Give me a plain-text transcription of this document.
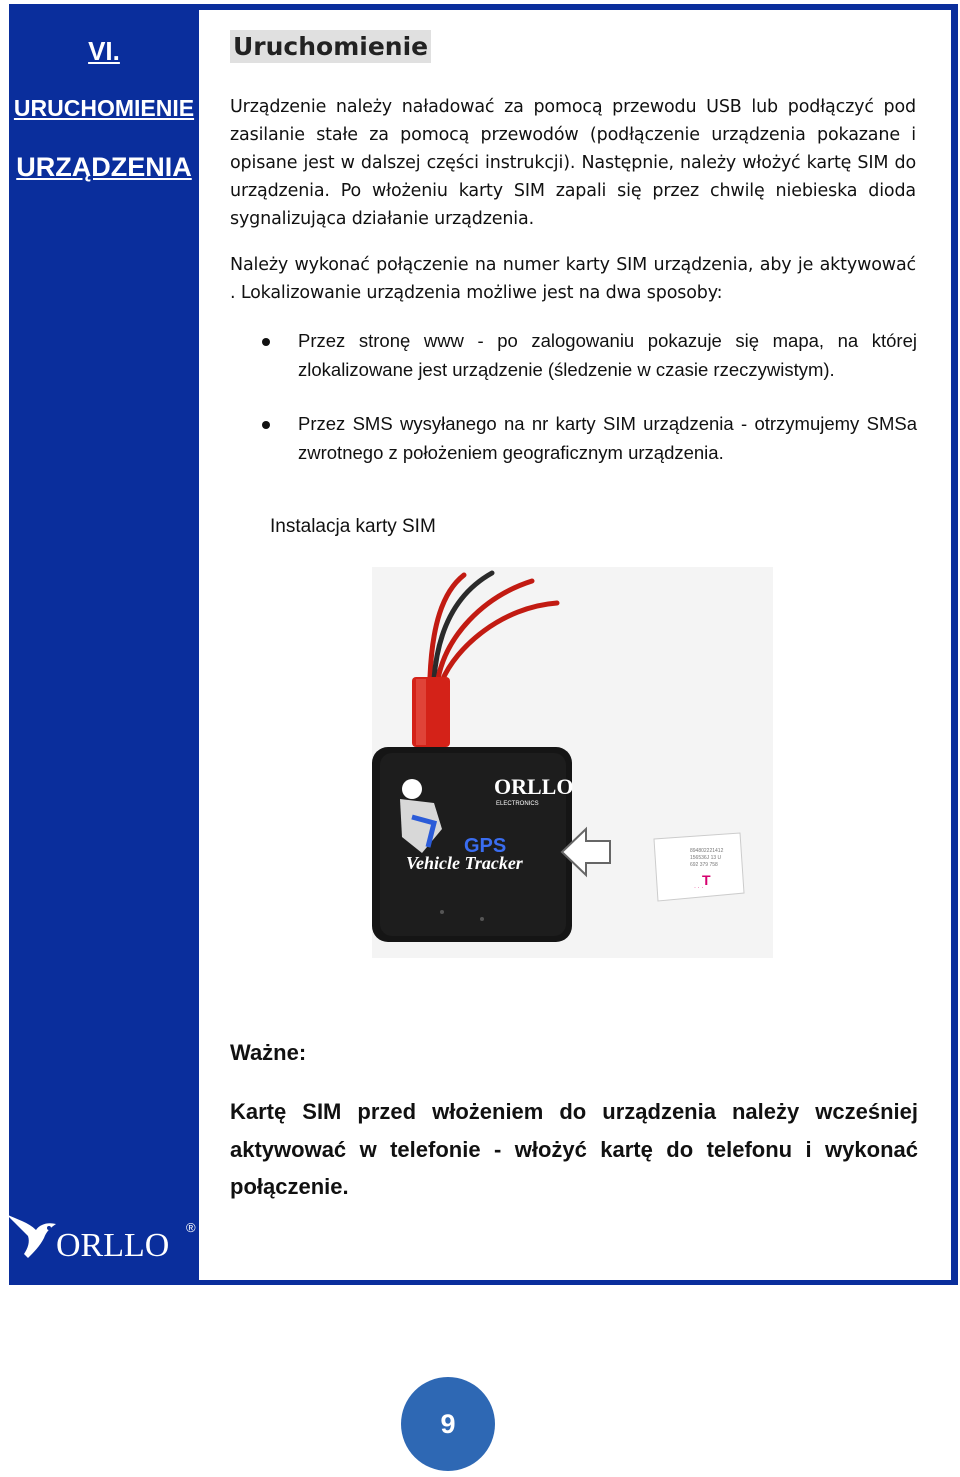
VI.
URUCHOMIENIE
URZĄDZENIA
ORLLO ®
Uruchomienie
Urządzenie należy naładować za pomocą przewodu USB lub podłączyć pod zasilanie stałe za pomocą przewodów (podłączenie urządzenia pokazane i opisane jest w dalszej części instrukcji). Następnie, należy włożyć kartę SIM do urządzenia. Po włożeniu karty SIM zapali się przez chwilę niebieska dioda sygnalizująca działanie urządzenia.
Należy wykonać połączenie na numer karty SIM urządzenia, aby je aktywować . Lokalizowanie urządzenia możliwe jest na dwa sposoby:
Przez stronę www - po zalogowaniu pokazuje się mapa, na której zlokalizowane jest urządzenie (śledzenie w czasie rzeczywistym).
Przez SMS wysyłanego na nr karty SIM urządzenia - otrzymujemy SMSa zwrotnego z położeniem geograficznym urządzenia.
Instalacja karty SIM
ORLLO
ELECTRONICS
GPS
Vehicle Tracker
894802221412
156536J 13 U
692 379 758
T
· · ·
Ważne:
Kartę SIM przed włożeniem do urządzenia należy wcześniej aktywować w telefonie - włożyć kartę do telefonu i wykonać połączenie.
9
